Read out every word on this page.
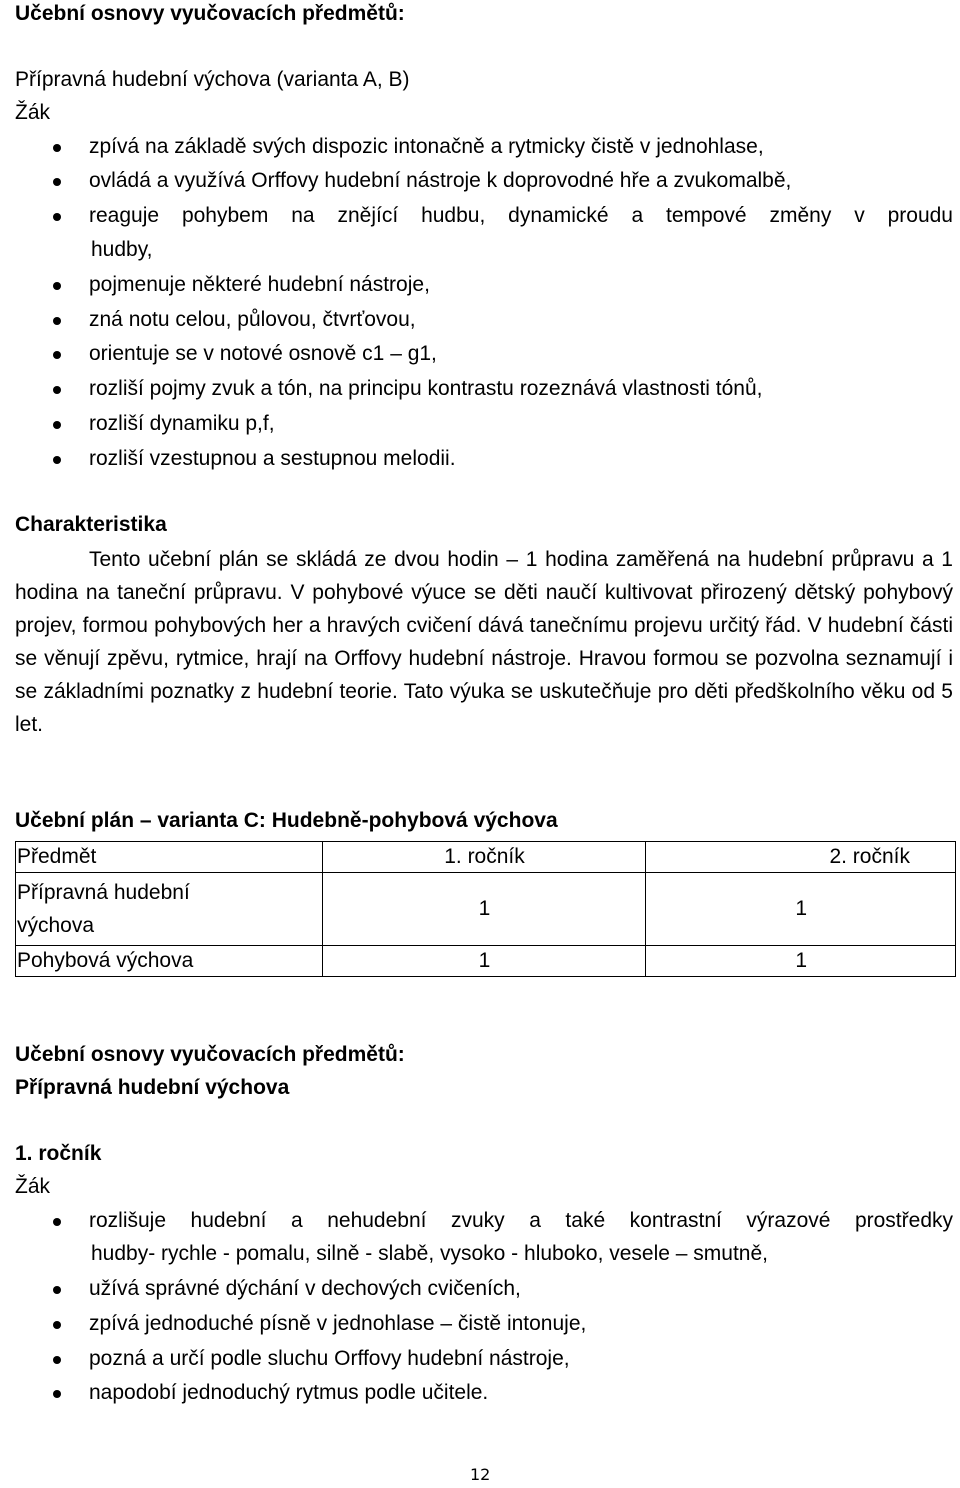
Učební osnovy vyučovacích předmětů:
Přípravná hudební výchova (varianta A, B)
Žák
zpívá na základě svých dispozic intonačně a rytmicky čistě v jednohlase,
ovládá a využívá Orffovy hudební nástroje k doprovodné hře a zvukomalbě,
reaguje pohybem na znějící hudbu, dynamické a tempové změny v proudu
hudby,
pojmenuje některé hudební nástroje,
zná notu celou, půlovou, čtvrťovou,
orientuje se v notové osnově c1 – g1,
rozliší pojmy zvuk a tón, na principu kontrastu rozeznává vlastnosti tónů,
rozliší dynamiku p,f,
rozliší vzestupnou a sestupnou melodii.
Charakteristika
Tento učební plán se skládá ze dvou hodin – 1 hodina zaměřená na hudební průpravu a 1 hodina na taneční průpravu. V pohybové výuce se děti naučí kultivovat přirozený dětský pohybový projev, formou pohybových her a hravých cvičení dává tanečnímu projevu určitý řád. V hudební části se věnují zpěvu, rytmice, hrají na Orffovy hudební nástroje. Hravou formou se pozvolna seznamují i se základními poznatky z hudební teorie. Tato výuka se uskutečňuje pro děti předškolního věku od 5 let.
Učební plán – varianta C: Hudebně-pohybová výchova
Předmět	1. ročník	2. ročník

Přípravná hudební výchova	1	1
Pohybová výchova	1	1
Učební osnovy vyučovacích předmětů:
Přípravná hudební výchova
1. ročník
Žák
rozlišuje hudební a nehudební zvuky a také kontrastní výrazové prostředky
hudby- rychle - pomalu, silně - slabě, vysoko - hluboko, vesele – smutně,
užívá správné dýchání v dechových cvičeních,
zpívá jednoduché písně v jednohlase – čistě intonuje,
pozná a určí podle sluchu Orffovy hudební nástroje,
napodobí jednoduchý rytmus podle učitele.
12
